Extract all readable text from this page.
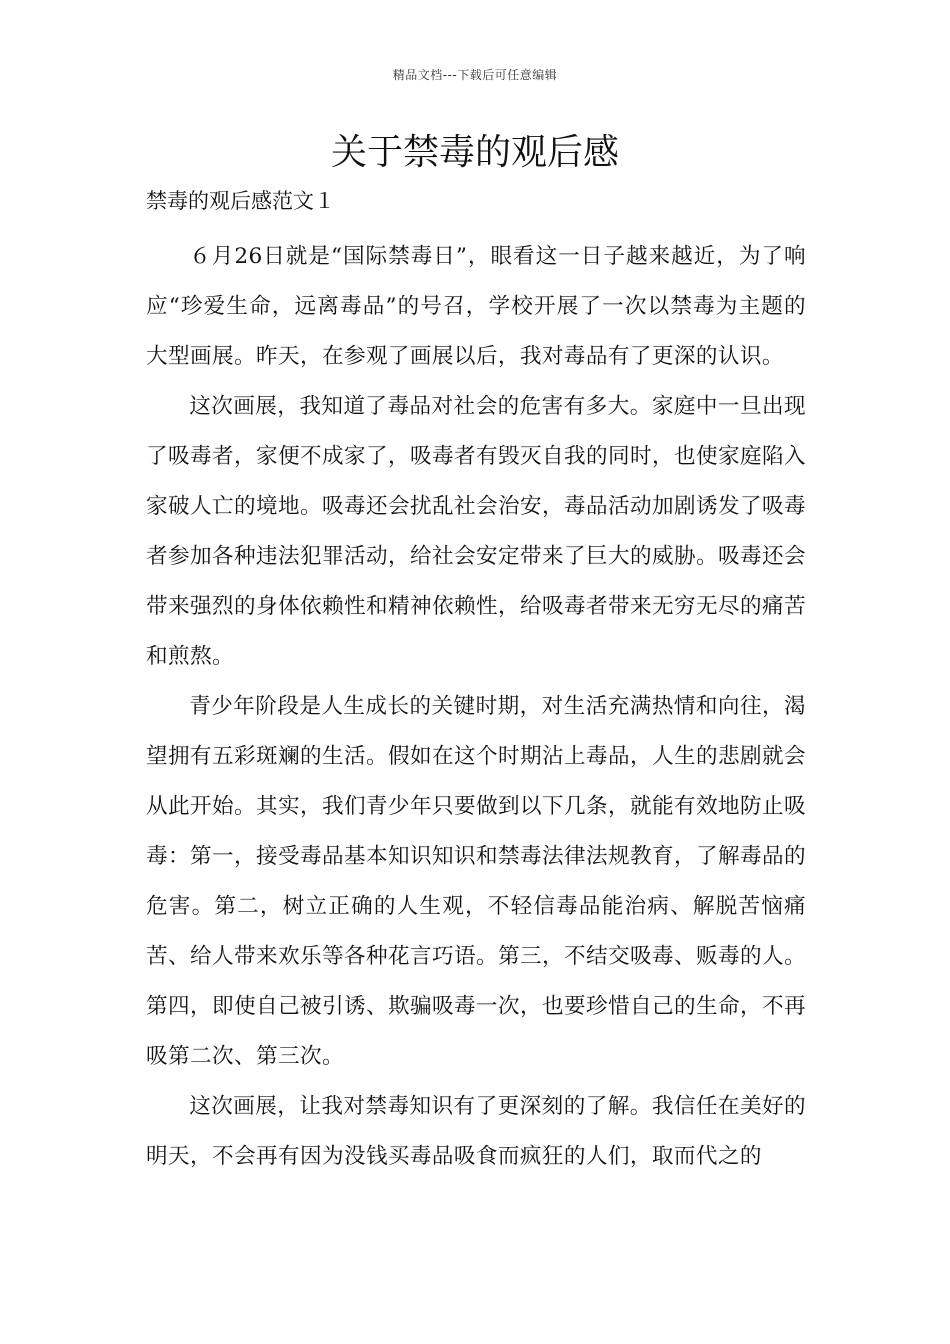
精品文档---下载后可任意编辑
关于禁毒的观后感
禁毒的观后感范文１

６月26日就是“国际禁毒日”，眼看这一日子越来越近，为了响应“珍爱生命，远离毒品”的号召，学校开展了一次以禁毒为主题的大型画展。昨天，在参观了画展以后，我对毒品有了更深的认识。

这次画展，我知道了毒品对社会的危害有多大。家庭中一旦出现了吸毒者，家便不成家了，吸毒者有毁灭自我的同时，也使家庭陷入家破人亡的境地。吸毒还会扰乱社会治安，毒品活动加剧诱发了吸毒者参加各种违法犯罪活动，给社会安定带来了巨大的威胁。吸毒还会带来强烈的身体依赖性和精神依赖性，给吸毒者带来无穷无尽的痛苦和煎熬。

青少年阶段是人生成长的关键时期，对生活充满热情和向往，渴望拥有五彩斑斓的生活。假如在这个时期沾上毒品，人生的悲剧就会从此开始。其实，我们青少年只要做到以下几条，就能有效地防止吸毒：第一，接受毒品基本知识知识和禁毒法律法规教育，了解毒品的危害。第二，树立正确的人生观，不轻信毒品能治病、解脱苦恼痛苦、给人带来欢乐等各种花言巧语。第三，不结交吸毒、贩毒的人。第四，即使自己被引诱、欺骗吸毒一次，也要珍惜自己的生命，不再吸第二次、第三次。

这次画展，让我对禁毒知识有了更深刻的了解。我信任在美好的明天，不会再有因为没钱买毒品吸食而疯狂的人们，取而代之的
